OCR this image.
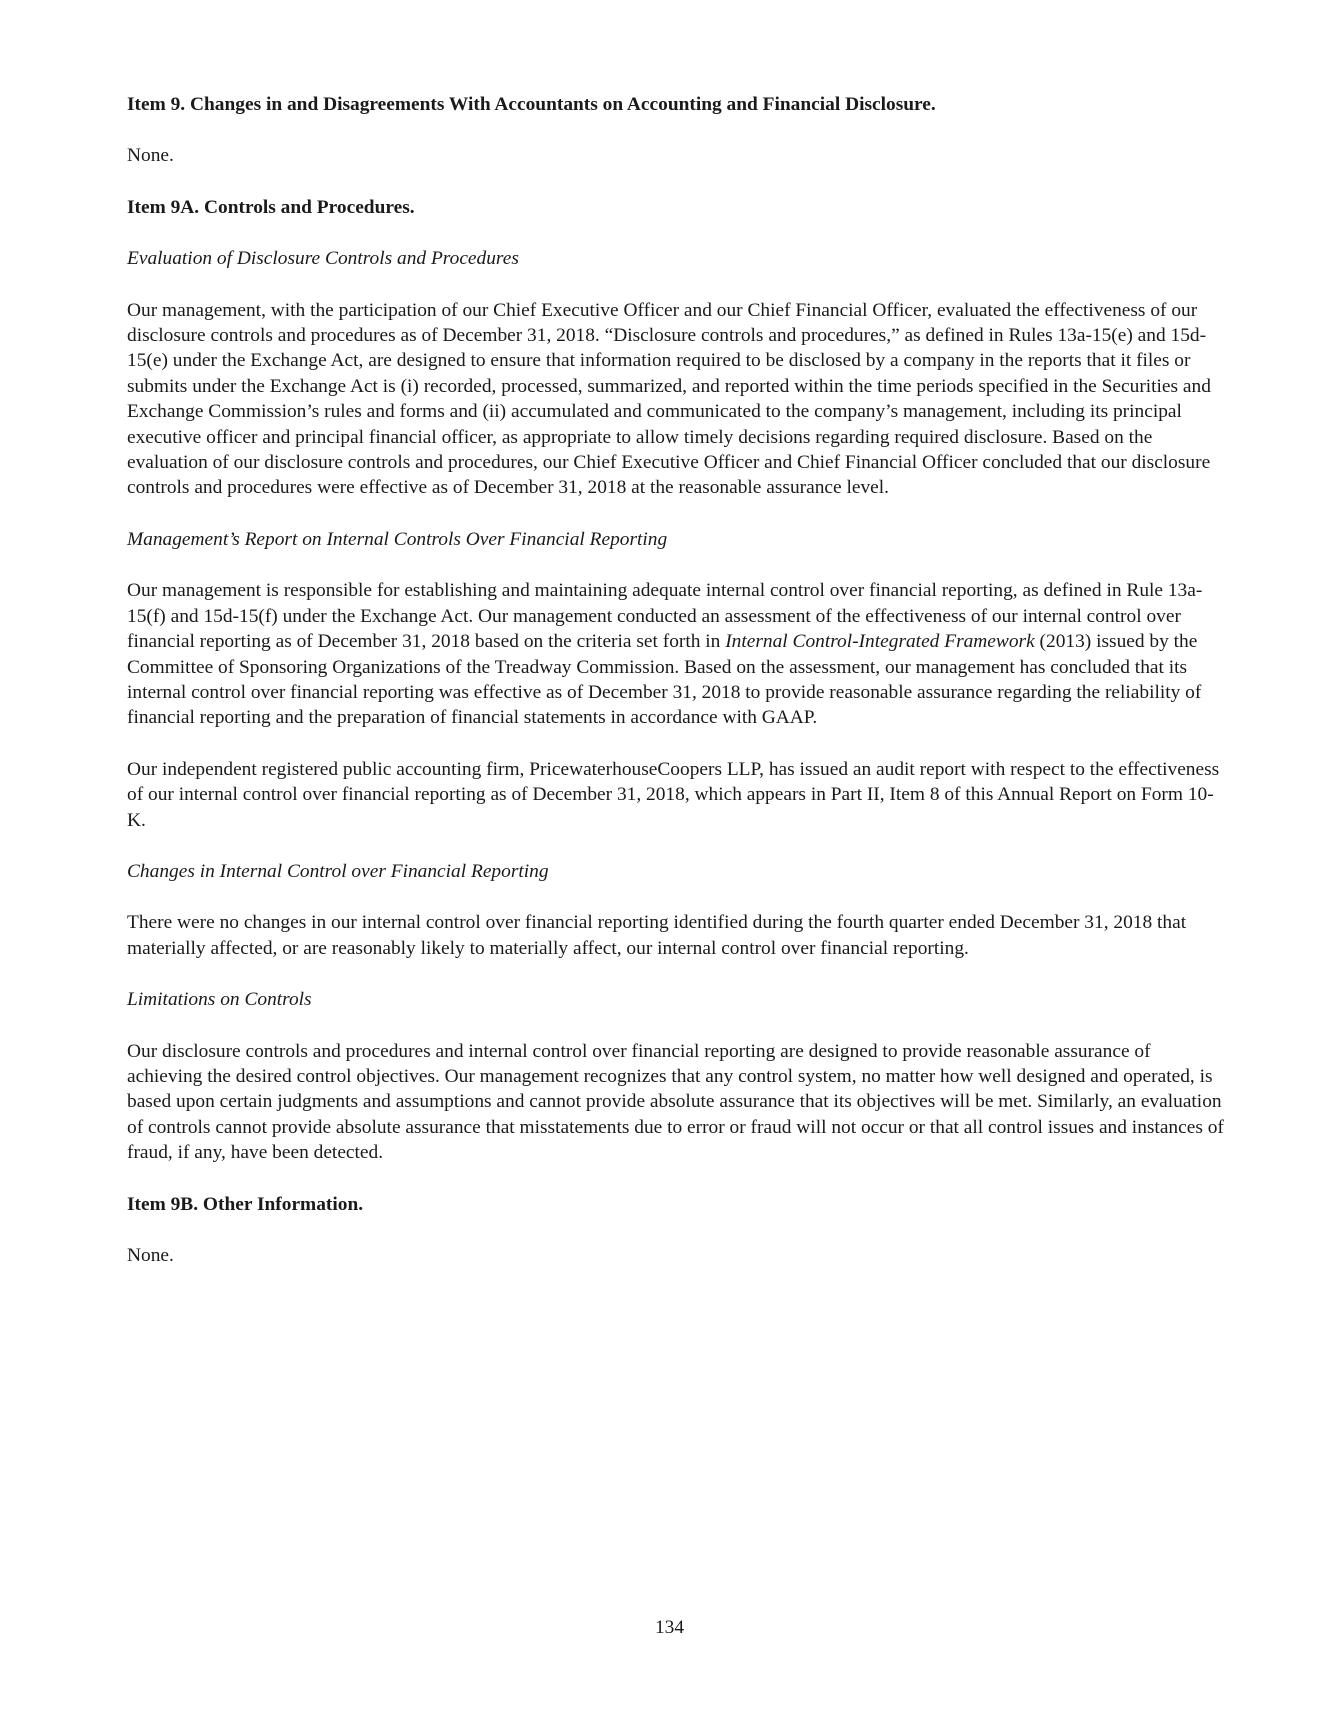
Item 9. Changes in and Disagreements With Accountants on Accounting and Financial Disclosure.

None.

Item 9A. Controls and Procedures.

Evaluation of Disclosure Controls and Procedures

Our management, with the participation of our Chief Executive Officer and our Chief Financial Officer, evaluated the effectiveness of our disclosure controls and procedures as of December 31, 2018. “Disclosure controls and procedures,” as defined in Rules 13a-15(e) and 15d-15(e) under the Exchange Act, are designed to ensure that information required to be disclosed by a company in the reports that it files or submits under the Exchange Act is (i) recorded, processed, summarized, and reported within the time periods specified in the Securities and Exchange Commission’s rules and forms and (ii) accumulated and communicated to the company’s management, including its principal executive officer and principal financial officer, as appropriate to allow timely decisions regarding required disclosure. Based on the evaluation of our disclosure controls and procedures, our Chief Executive Officer and Chief Financial Officer concluded that our disclosure controls and procedures were effective as of December 31, 2018 at the reasonable assurance level.

Management’s Report on Internal Controls Over Financial Reporting

Our management is responsible for establishing and maintaining adequate internal control over financial reporting, as defined in Rule 13a-15(f) and 15d-15(f) under the Exchange Act. Our management conducted an assessment of the effectiveness of our internal control over financial reporting as of December 31, 2018 based on the criteria set forth in Internal Control-Integrated Framework (2013) issued by the Committee of Sponsoring Organizations of the Treadway Commission. Based on the assessment, our management has concluded that its internal control over financial reporting was effective as of December 31, 2018 to provide reasonable assurance regarding the reliability of financial reporting and the preparation of financial statements in accordance with GAAP.

Our independent registered public accounting firm, PricewaterhouseCoopers LLP, has issued an audit report with respect to the effectiveness of our internal control over financial reporting as of December 31, 2018, which appears in Part II, Item 8 of this Annual Report on Form 10-K.

Changes in Internal Control over Financial Reporting

There were no changes in our internal control over financial reporting identified during the fourth quarter ended December 31, 2018 that materially affected, or are reasonably likely to materially affect, our internal control over financial reporting.

Limitations on Controls

Our disclosure controls and procedures and internal control over financial reporting are designed to provide reasonable assurance of achieving the desired control objectives. Our management recognizes that any control system, no matter how well designed and operated, is based upon certain judgments and assumptions and cannot provide absolute assurance that its objectives will be met. Similarly, an evaluation of controls cannot provide absolute assurance that misstatements due to error or fraud will not occur or that all control issues and instances of fraud, if any, have been detected.

Item 9B. Other Information.

None.

134
